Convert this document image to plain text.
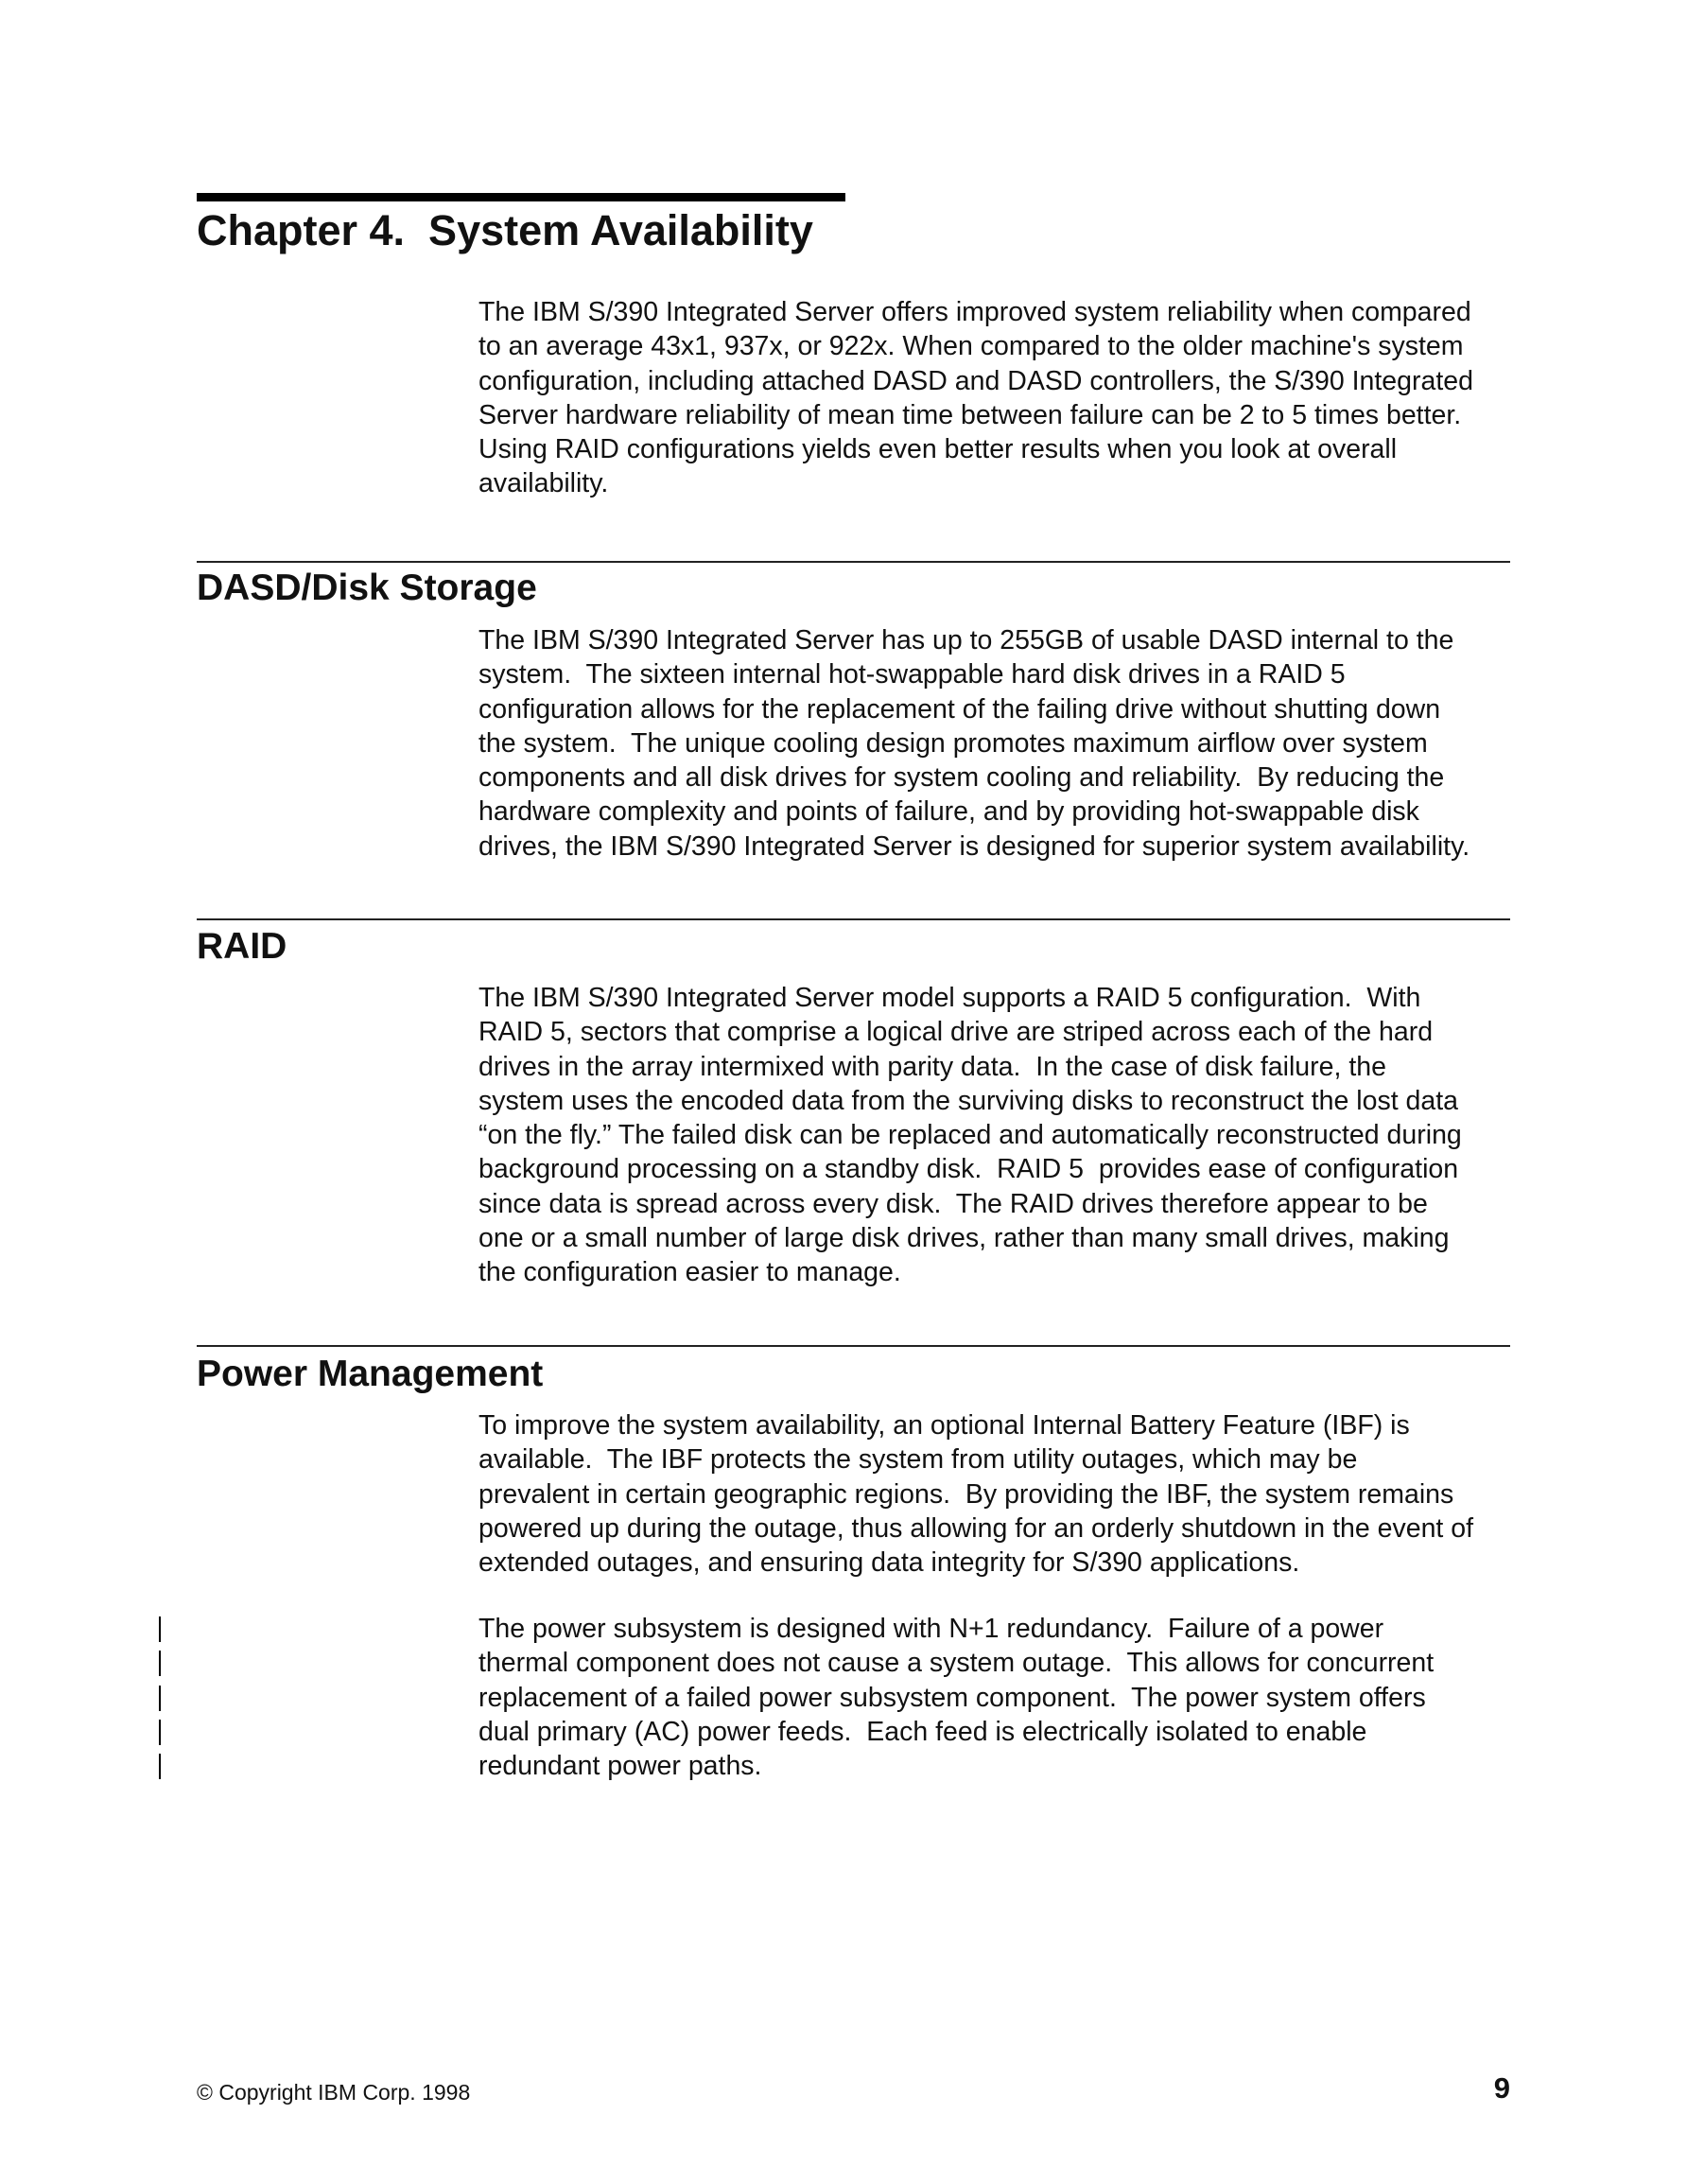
Chapter 4.  System Availability

The IBM S/390 Integrated Server offers improved system reliability when compared
to an average 43x1, 937x, or 922x. When compared to the older machine's system
configuration, including attached DASD and DASD controllers, the S/390 Integrated
Server hardware reliability of mean time between failure can be 2 to 5 times better.
Using RAID configurations yields even better results when you look at overall
availability.

DASD/Disk Storage

The IBM S/390 Integrated Server has up to 255GB of usable DASD internal to the
system.  The sixteen internal hot-swappable hard disk drives in a RAID 5
configuration allows for the replacement of the failing drive without shutting down
the system.  The unique cooling design promotes maximum airflow over system
components and all disk drives for system cooling and reliability.  By reducing the
hardware complexity and points of failure, and by providing hot-swappable disk
drives, the IBM S/390 Integrated Server is designed for superior system availability.

RAID

The IBM S/390 Integrated Server model supports a RAID 5 configuration.  With
RAID 5, sectors that comprise a logical drive are striped across each of the hard
drives in the array intermixed with parity data.  In the case of disk failure, the
system uses the encoded data from the surviving disks to reconstruct the lost data
“on the fly.” The failed disk can be replaced and automatically reconstructed during
background processing on a standby disk.  RAID 5  provides ease of configuration
since data is spread across every disk.  The RAID drives therefore appear to be
one or a small number of large disk drives, rather than many small drives, making
the configuration easier to manage.

Power Management

To improve the system availability, an optional Internal Battery Feature (IBF) is
available.  The IBF protects the system from utility outages, which may be
prevalent in certain geographic regions.  By providing the IBF, the system remains
powered up during the outage, thus allowing for an orderly shutdown in the event of
extended outages, and ensuring data integrity for S/390 applications.

The power subsystem is designed with N+1 redundancy.  Failure of a power
thermal component does not cause a system outage.  This allows for concurrent
replacement of a failed power subsystem component.  The power system offers
dual primary (AC) power feeds.  Each feed is electrically isolated to enable
redundant power paths.

© Copyright IBM Corp. 1998	9
